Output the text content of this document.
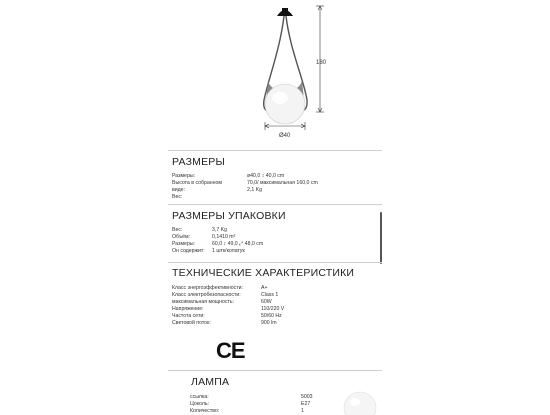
180
Ø40
РАЗМЕРЫ
Размеры:	ø40,0 ↕ 40,0 cm
Высота в собранном	70,0/ максимальная 160,0 cm
виде:	2,1 Kg
Вес:
РАЗМЕРЫ УПАКОВКИ
Вес:	3,7 Kg
Объём:	0,1410 m³
Размеры:	60,0 ↕ 49,0 ⤢ 48,0 cm
Он содержит: 1 штк/колатук
ТЕХНИЧЕСКИЕ ХАРАКТЕРИСТИКИ
Класс энергоэффективности:	A+
Класс электробезопасности:	Class 1
максимальная мощность:	60W
Напряжение:	110/220 V
Частота сети:	50/60 Hz
Световой поток:	900 lm
CE
ЛАМПА
ссылка:	5003
Цоколь:	E27
Количество:	1
